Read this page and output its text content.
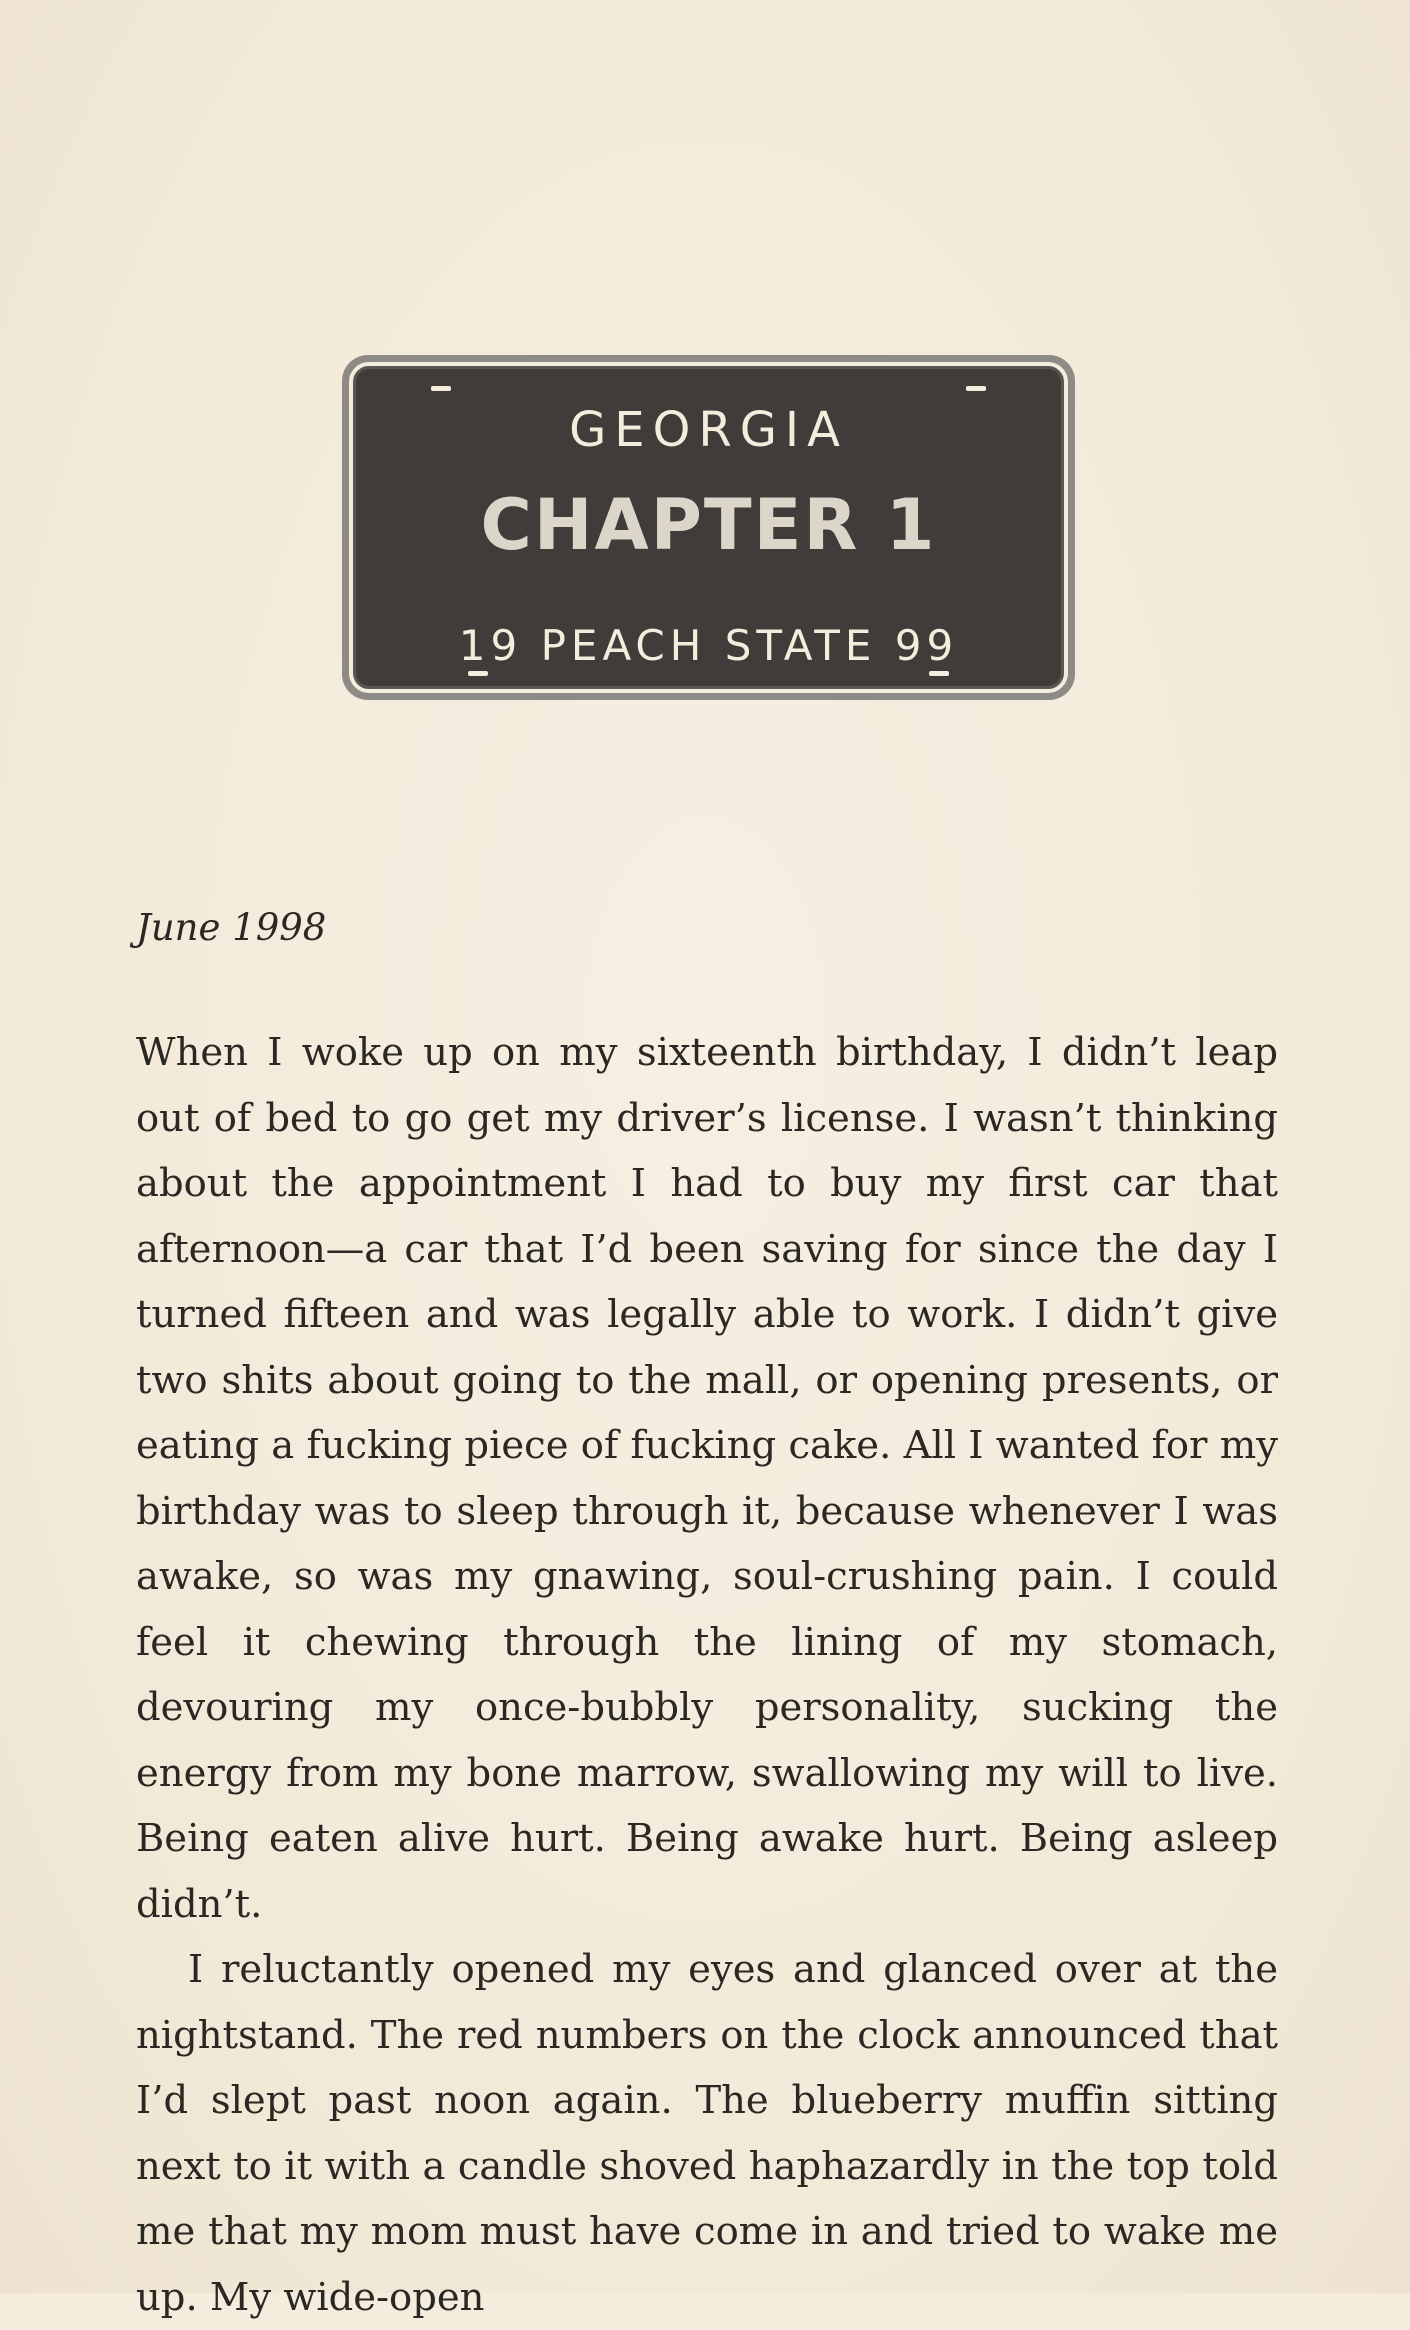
GEORGIA
CHAPTER 1
19 PEACH STATE 99
June 1998

When I woke up on my sixteenth birthday, I didn’t leap out of bed to go get my driver’s license. I wasn’t thinking about the appointment I had to buy my first car that afternoon—a car that I’d been saving for since the day I turned fifteen and was legally able to work. I didn’t give two shits about going to the mall, or opening presents, or eating a fucking piece of fucking cake. All I wanted for my birthday was to sleep through it, because whenever I was awake, so was my gnawing, soul-crushing pain. I could feel it chewing through the lining of my stomach, devouring my once-bubbly personality, sucking the energy from my bone marrow, swallowing my will to live. Being eaten alive hurt. Being awake hurt. Being asleep didn’t.

I reluctantly opened my eyes and glanced over at the nightstand. The red numbers on the clock announced that I’d slept past noon again. The blueberry muffin sitting next to it with a candle shoved haphazardly in the top told me that my mom must have come in and tried to wake me up. My wide-open
